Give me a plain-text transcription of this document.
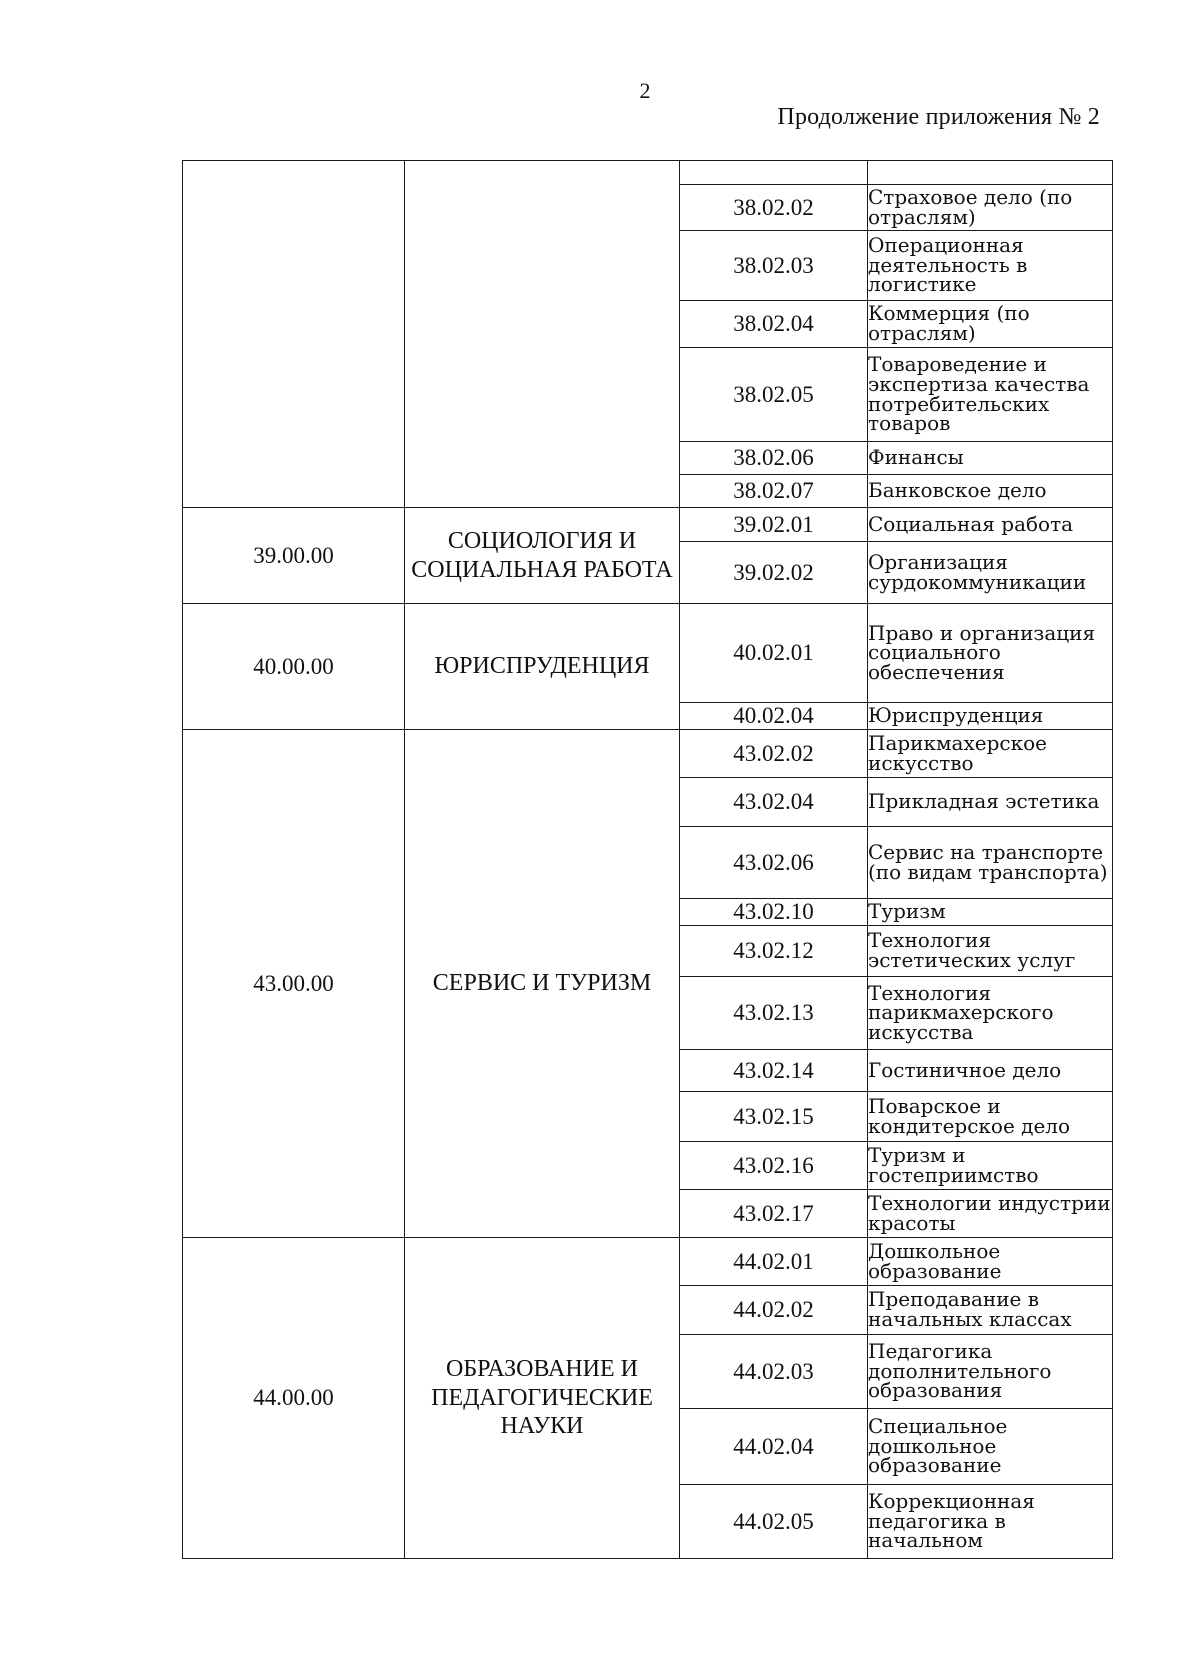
2
Продолжение приложения № 2

		38.02.02	Страховое дело (по отраслям)
		38.02.03	Операционная деятельность в логистике
		38.02.04	Коммерция (по отраслям)
		38.02.05	Товароведение и экспертиза качества потребительских товаров
		38.02.06	Финансы
		38.02.07	Банковское дело
39.00.00	СОЦИОЛОГИЯ И СОЦИАЛЬНАЯ РАБОТА	39.02.01	Социальная работа
		39.02.02	Организация сурдокоммуникации
40.00.00	ЮРИСПРУДЕНЦИЯ	40.02.01	Право и организация социального обеспечения
		40.02.04	Юриспруденция
43.00.00	СЕРВИС И ТУРИЗМ	43.02.02	Парикмахерское искусство
		43.02.04	Прикладная эстетика
		43.02.06	Сервис на транспорте (по видам транспорта)
		43.02.10	Туризм
		43.02.12	Технология эстетических услуг
		43.02.13	Технология парикмахерского искусства
		43.02.14	Гостиничное дело
		43.02.15	Поварское и кондитерское дело
		43.02.16	Туризм и гостеприимство
		43.02.17	Технологии индустрии красоты
44.00.00	ОБРАЗОВАНИЕ И ПЕДАГОГИЧЕСКИЕ НАУКИ	44.02.01	Дошкольное образование
		44.02.02	Преподавание в начальных классах
		44.02.03	Педагогика дополнительного образования
		44.02.04	Специальное дошкольное образование
		44.02.05	Коррекционная педагогика в начальном
